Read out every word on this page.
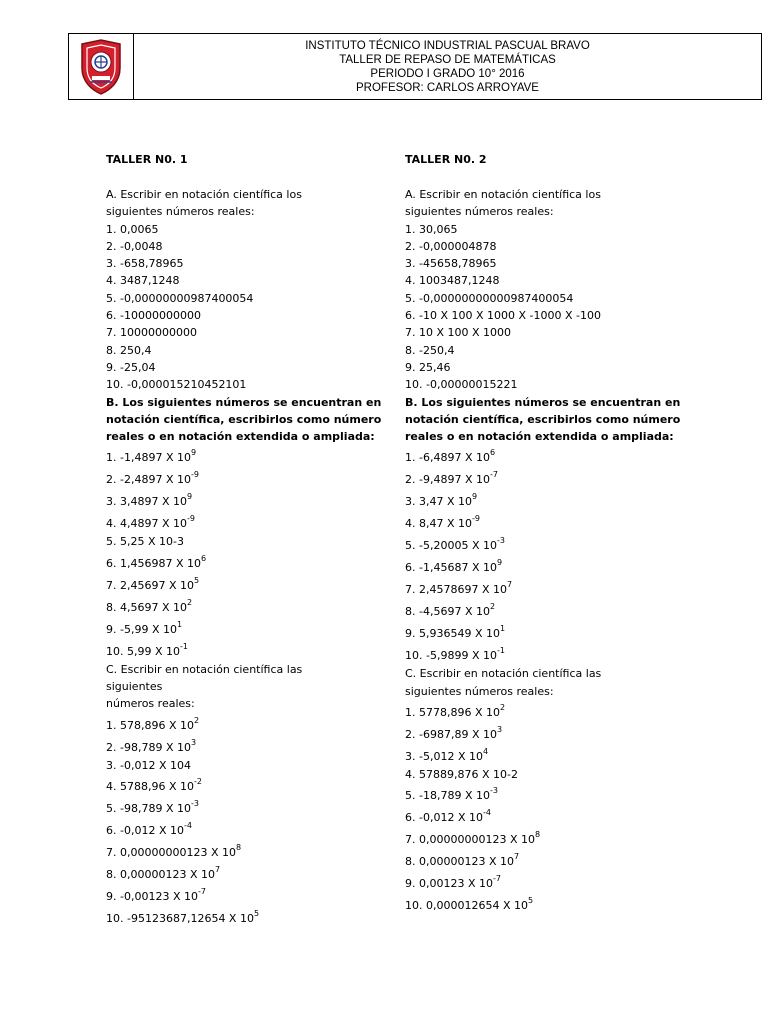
INSTITUTO TÉCNICO INDUSTRIAL PASCUAL BRAVO
TALLER DE REPASO DE MATEMÁTICAS
PERIODO I GRADO 10° 2016
PROFESOR: CARLOS ARROYAVE
TALLER N0. 1
A. Escribir en notación científica los
siguientes números reales:
1. 0,0065
2. -0,0048
3. -658,78965
4. 3487,1248
5. -0,00000000987400054
6. -10000000000
7. 10000000000
8. 250,4
9. -25,04
10. -0,000015210452101
B. Los siguientes números se encuentran en
notación científica, escribirlos como número
reales o en notación extendida o ampliada:
1. -1,4897 X $10^9$
2. -2,4897 X $10^{-9}$
3. 3,4897 X $10^9$
4. 4,4897 X $10^{-9}$
5. 5,25 X 10-3
6. 1,456987 X $10^6$
7. 2,45697 X $10^5$
8. 4,5697 X $10^2$
9. -5,99 X $10^1$
10. 5,99 X $10^{-1}$
C. Escribir en notación científica las
siguientes
números reales:
1. 578,896 X $10^2$
2. -98,789 X $10^3$
3. -0,012 X 104
4. 5788,96 X $10^{-2}$
5. -98,789 X $10^{-3}$
6. -0,012 X $10^{-4}$
7. 0,00000000123 X $10^8$
8. 0,00000123 X $10^7$
9. -0,00123 X $10^{-7}$
10. -95123687,12654 X $10^5$
TALLER N0. 2
A. Escribir en notación científica los
siguientes números reales:
1. 30,065
2. -0,000004878
3. -45658,78965
4. 1003487,1248
5. -0,00000000000987400054
6. -10 X 100 X 1000 X -1000 X -100
7. 10 X 100 X 1000
8. -250,4
9. 25,46
10. -0,00000015221
B. Los siguientes números se encuentran en
notación científica, escribirlos como número
reales o en notación extendida o ampliada:
1. -6,4897 X $10^6$
2. -9,4897 X $10^{-7}$
3. 3,47 X $10^9$
4. 8,47 X $10^{-9}$
5. -5,20005 X $10^{-3}$
6. -1,45687 X $10^9$
7. 2,4578697 X $10^7$
8. -4,5697 X $10^2$
9. 5,936549 X $10^1$
10. -5,9899 X $10^{-1}$
C. Escribir en notación científica las
siguientes números reales:
1. 5778,896 X $10^2$
2. -6987,89 X $10^3$
3. -5,012 X $10^4$
4. 57889,876 X 10-2
5. -18,789 X $10^{-3}$
6. -0,012 X $10^{-4}$
7. 0,00000000123 X $10^8$
8. 0,00000123 X $10^7$
9. 0,00123 X $10^{-7}$
10. 0,000012654 X $10^5$
